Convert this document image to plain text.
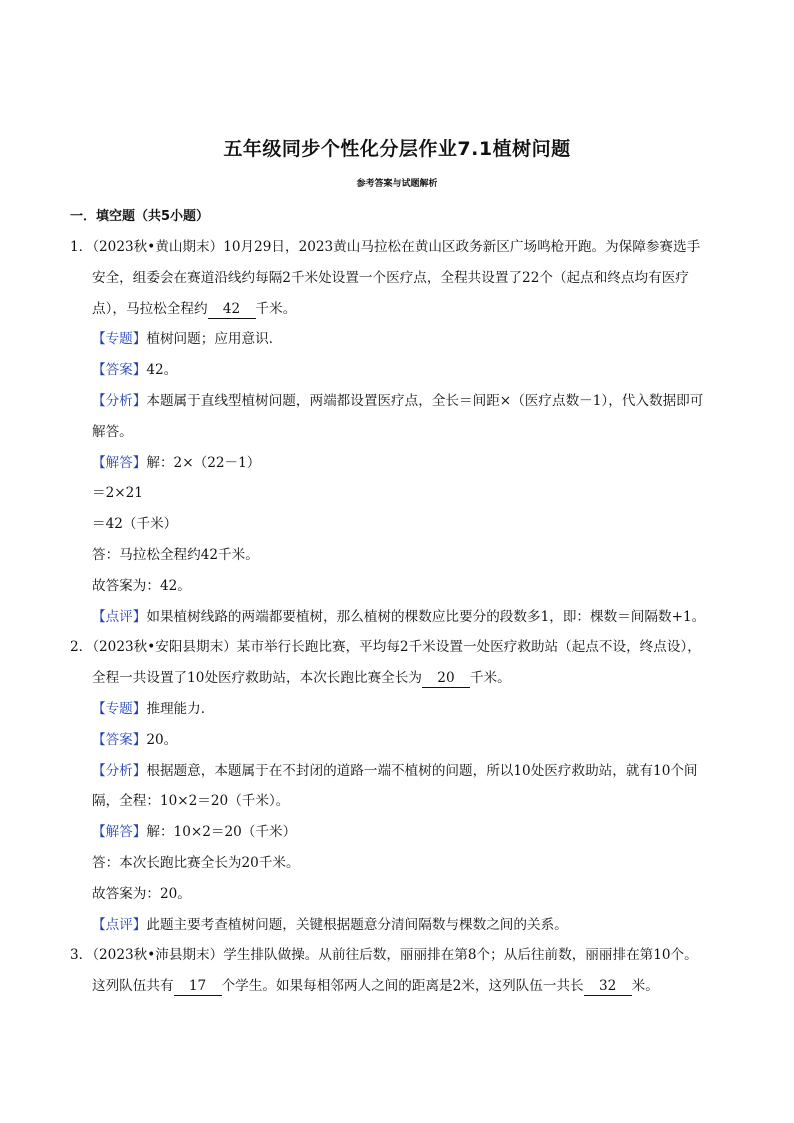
五年级同步个性化分层作业7.1植树问题
参考答案与试题解析
一．填空题（共5小题）
1．（2023秋•黄山期末）10月29日，2023黄山马拉松在黄山区政务新区广场鸣枪开跑。为保障参赛选手
安全，组委会在赛道沿线约每隔2千米处设置一个医疗点，全程共设置了22个（起点和终点均有医疗
点），马拉松全程约 42 千米。
【专题】植树问题；应用意识．
【答案】42。
【分析】本题属于直线型植树问题，两端都设置医疗点，全长＝间距×（医疗点数－1），代入数据即可
解答。
【解答】解：2×（22－1）
＝2×21
＝42（千米）
答：马拉松全程约42千米。
故答案为：42。
【点评】如果植树线路的两端都要植树，那么植树的棵数应比要分的段数多1，即：棵数＝间隔数+1。
2．（2023秋•安阳县期末）某市举行长跑比赛，平均每2千米设置一处医疗救助站（起点不设，终点设），
全程一共设置了10处医疗救助站，本次长跑比赛全长为 20 千米。
【专题】推理能力．
【答案】20。
【分析】根据题意，本题属于在不封闭的道路一端不植树的问题，所以10处医疗救助站，就有10个间
隔，全程：10×2＝20（千米）。
【解答】解：10×2＝20（千米）
答：本次长跑比赛全长为20千米。
故答案为：20。
【点评】此题主要考查植树问题，关键根据题意分清间隔数与棵数之间的关系。
3．（2023秋•沛县期末）学生排队做操。从前往后数，丽丽排在第8个；从后往前数，丽丽排在第10个。
这列队伍共有 17 个学生。如果每相邻两人之间的距离是2米，这列队伍一共长 32 米。
